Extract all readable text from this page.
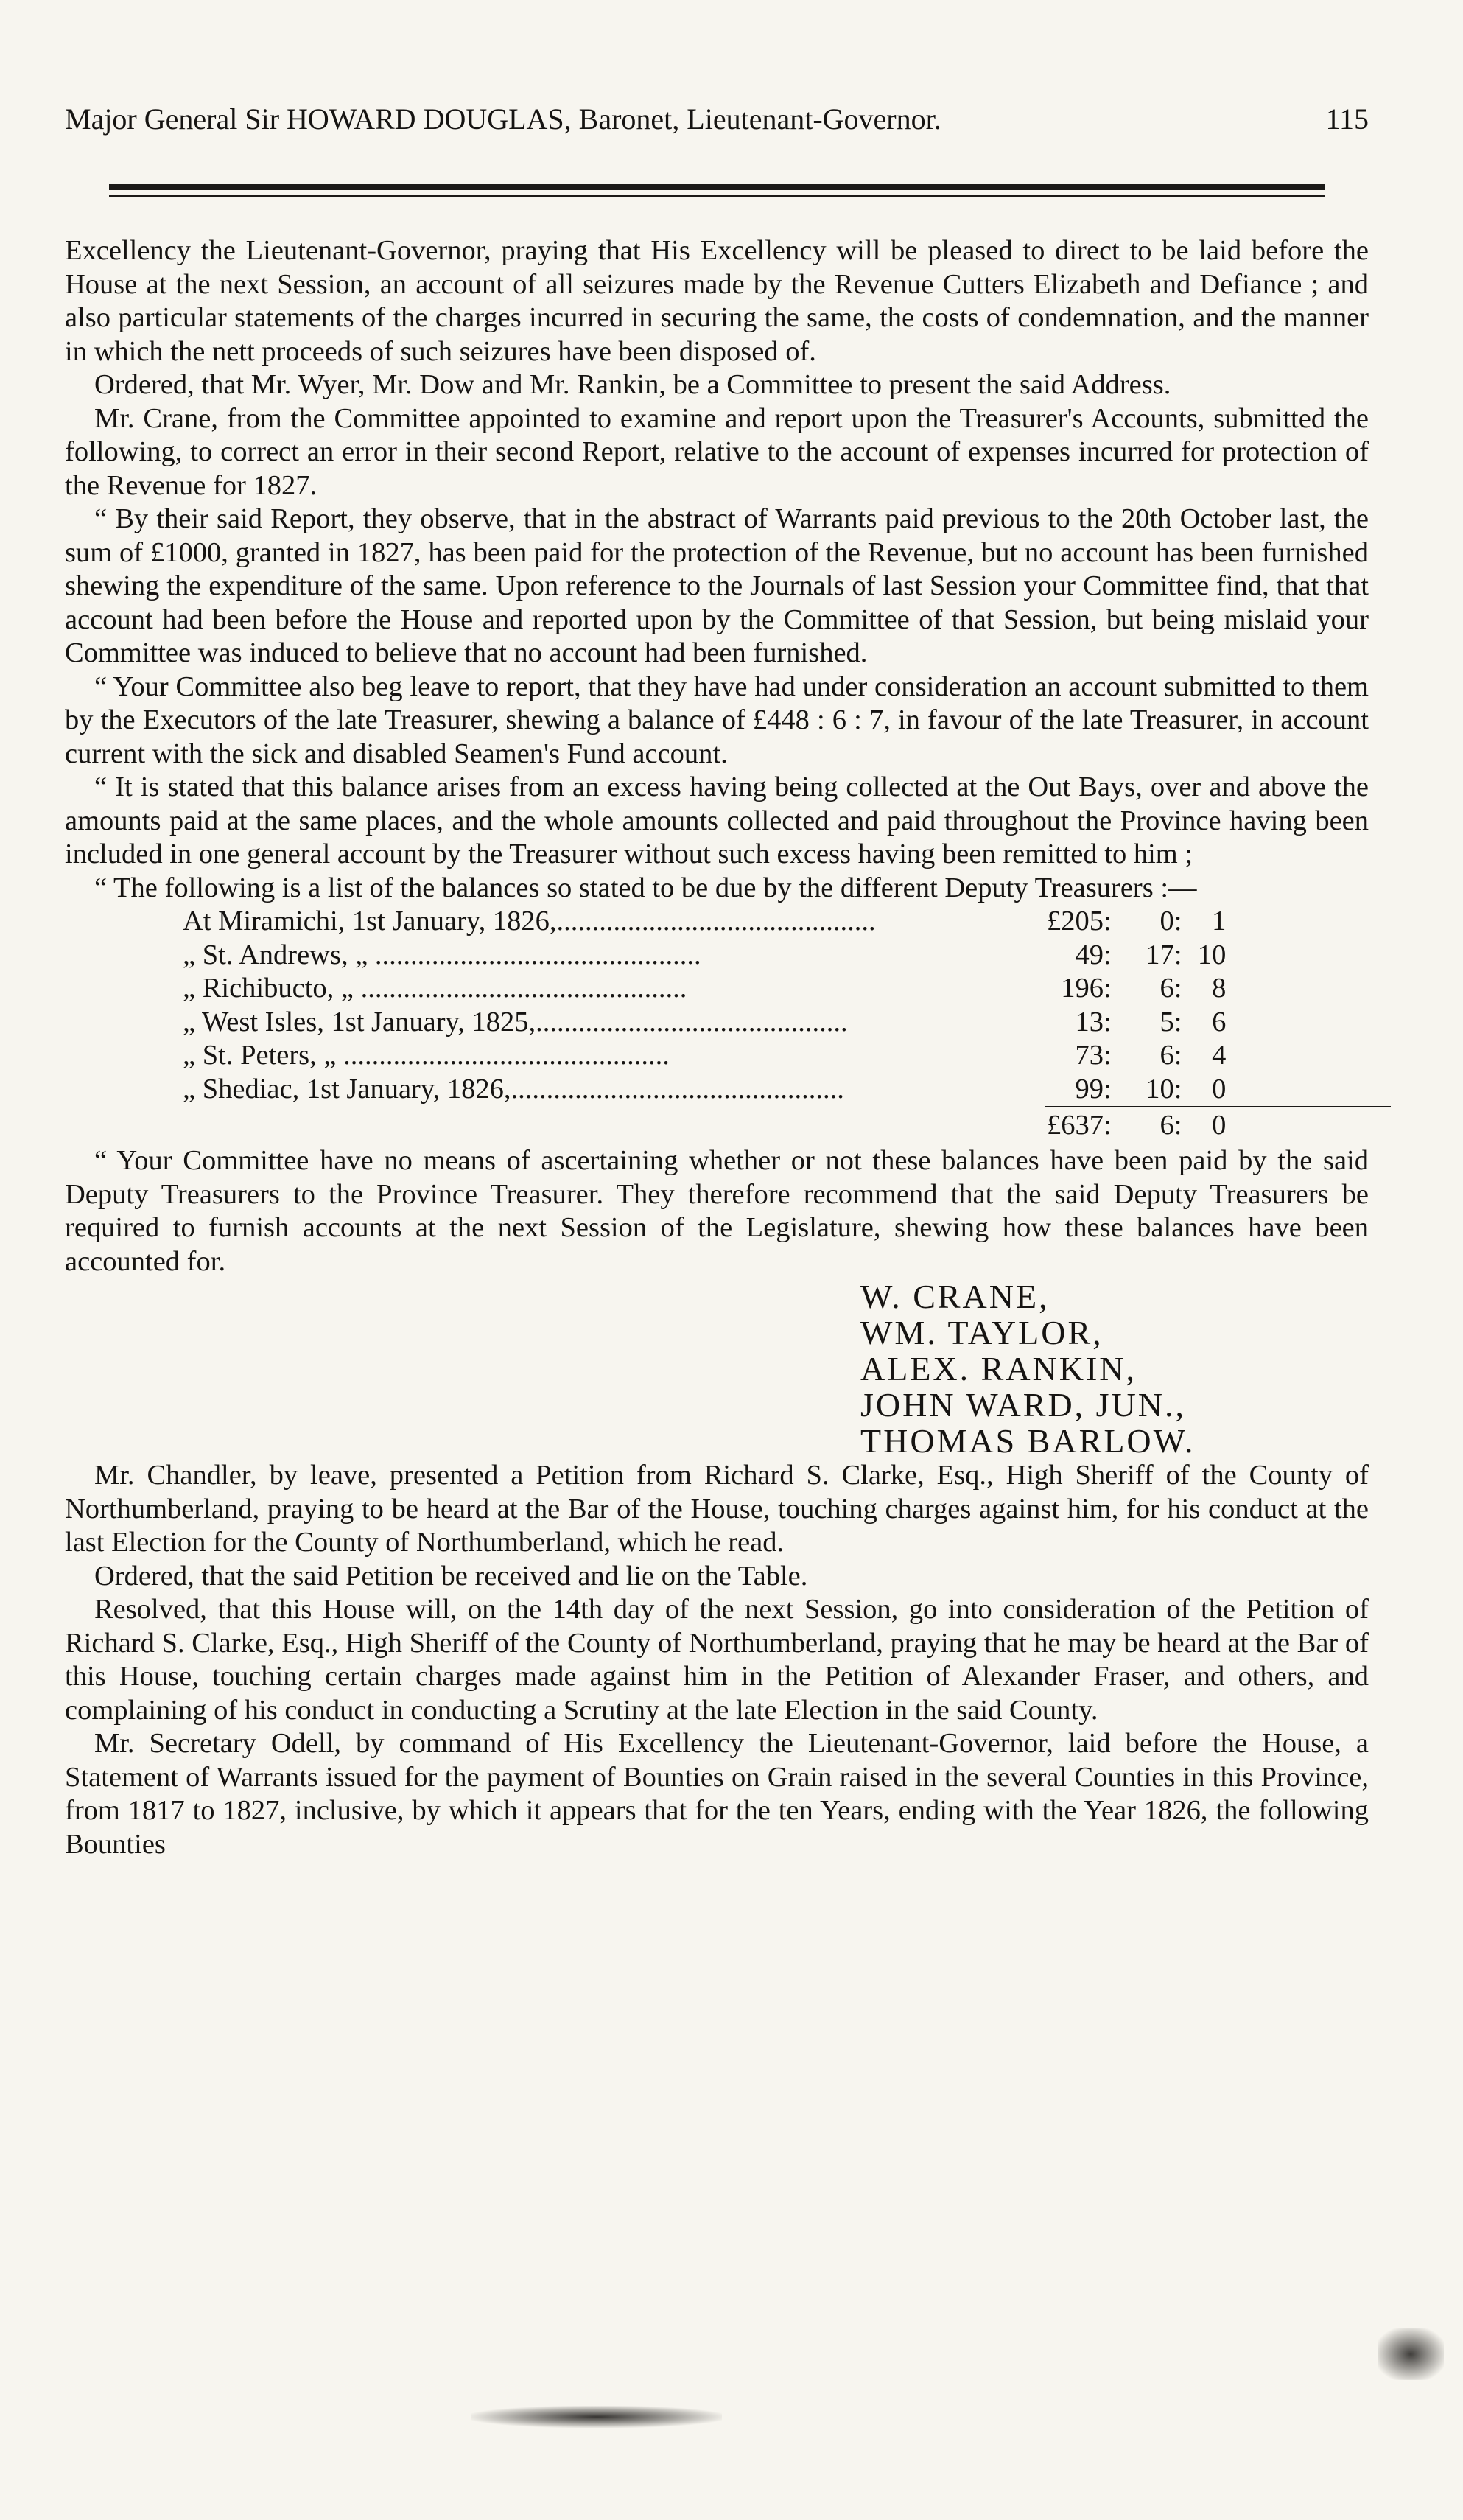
Major General Sir HOWARD DOUGLAS, Baronet, Lieutenant-Governor.	115

Excellency the Lieutenant-Governor, praying that His Excellency will be pleased to direct to be laid before the House at the next Session, an account of all seizures made by the Revenue Cutters Elizabeth and Defiance ; and also particular statements of the charges incurred in securing the same, the costs of condemnation, and the manner in which the nett proceeds of such seizures have been disposed of.

Ordered, that Mr. Wyer, Mr. Dow and Mr. Rankin, be a Committee to present the said Address.

Mr. Crane, from the Committee appointed to examine and report upon the Treasurer's Accounts, submitted the following, to correct an error in their second Report, relative to the account of expenses incurred for protection of the Revenue for 1827.

“ By their said Report, they observe, that in the abstract of Warrants paid previous to the 20th October last, the sum of £1000, granted in 1827, has been paid for the protection of the Revenue, but no account has been furnished shewing the expenditure of the same. Upon reference to the Journals of last Session your Committee find, that that account had been before the House and reported upon by the Committee of that Session, but being mislaid your Committee was induced to believe that no account had been furnished.

“ Your Committee also beg leave to report, that they have had under consideration an account submitted to them by the Executors of the late Treasurer, shewing a balance of £448 : 6 : 7, in favour of the late Treasurer, in account current with the sick and disabled Seamen's Fund account.

“ It is stated that this balance arises from an excess having being collected at the Out Bays, over and above the amounts paid at the same places, and the whole amounts collected and paid throughout the Province having been included in one general account by the Treasurer without such excess having been remitted to him ;

“ The following is a list of the balances so stated to be due by the different Deputy Treasurers :—

At Miramichi, 1st January, 1826,.............................................	£205: 0: 1
„ St. Andrews, „ ..............................................	49: 17: 10
„ Richibucto, „ ..............................................	196: 6: 8
„ West Isles, 1st January, 1825,............................................	13: 5: 6
„ St. Peters, „ ..............................................	73: 6: 4
„ Shediac, 1st January, 1826,...............................................	99: 10: 0
£637: 6: 0

“ Your Committee have no means of ascertaining whether or not these balances have been paid by the said Deputy Treasurers to the Province Treasurer. They therefore recommend that the said Deputy Treasurers be required to furnish accounts at the next Session of the Legislature, shewing how these balances have been accounted for.

W. CRANE,
WM. TAYLOR,
ALEX. RANKIN,
JOHN WARD, JUN.,
THOMAS BARLOW.

Mr. Chandler, by leave, presented a Petition from Richard S. Clarke, Esq., High Sheriff of the County of Northumberland, praying to be heard at the Bar of the House, touching charges against him, for his conduct at the last Election for the County of Northumberland, which he read.

Ordered, that the said Petition be received and lie on the Table.

Resolved, that this House will, on the 14th day of the next Session, go into consideration of the Petition of Richard S. Clarke, Esq., High Sheriff of the County of Northumberland, praying that he may be heard at the Bar of this House, touching certain charges made against him in the Petition of Alexander Fraser, and others, and complaining of his conduct in conducting a Scrutiny at the late Election in the said County.

Mr. Secretary Odell, by command of His Excellency the Lieutenant-Governor, laid before the House, a Statement of Warrants issued for the payment of Bounties on Grain raised in the several Counties in this Province, from 1817 to 1827, inclusive, by which it appears that for the ten Years, ending with the Year 1826, the following Bounties
